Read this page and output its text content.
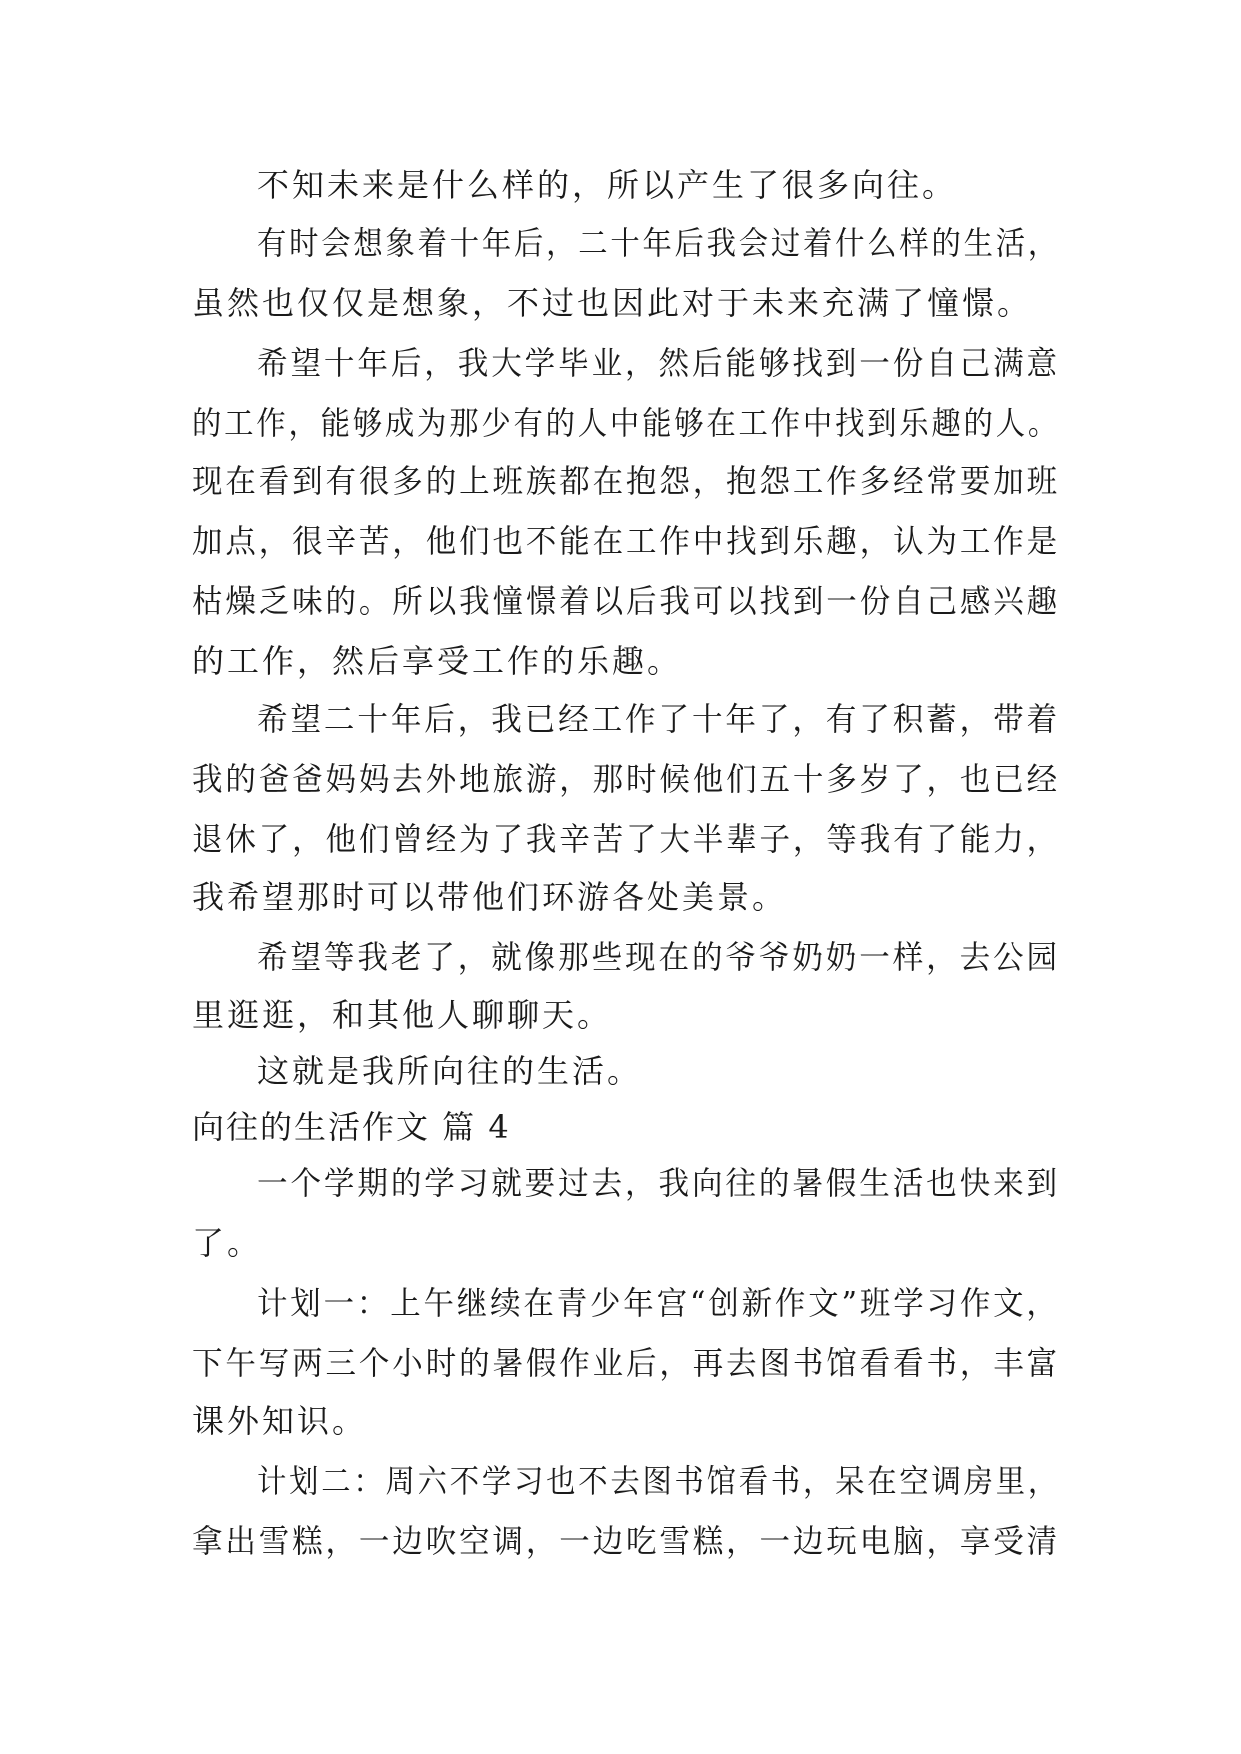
不知未来是什么样的，所以产生了很多向往。
有时会想象着十年后，二十年后我会过着什么样的生活，
虽然也仅仅是想象，不过也因此对于未来充满了憧憬。
希望十年后，我大学毕业，然后能够找到一份自己满意
的工作，能够成为那少有的人中能够在工作中找到乐趣的人。
现在看到有很多的上班族都在抱怨，抱怨工作多经常要加班
加点，很辛苦，他们也不能在工作中找到乐趣，认为工作是
枯燥乏味的。所以我憧憬着以后我可以找到一份自己感兴趣
的工作，然后享受工作的乐趣。
希望二十年后，我已经工作了十年了，有了积蓄，带着
我的爸爸妈妈去外地旅游，那时候他们五十多岁了，也已经
退休了，他们曾经为了我辛苦了大半辈子，等我有了能力，
我希望那时可以带他们环游各处美景。
希望等我老了，就像那些现在的爷爷奶奶一样，去公园
里逛逛，和其他人聊聊天。
这就是我所向往的生活。
向往的生活作文 篇 4
一个学期的学习就要过去，我向往的暑假生活也快来到
了。
计划一：上午继续在青少年宫“创新作文”班学习作文，
下午写两三个小时的暑假作业后，再去图书馆看看书，丰富
课外知识。
计划二：周六不学习也不去图书馆看书，呆在空调房里，
拿出雪糕，一边吹空调，一边吃雪糕，一边玩电脑，享受清
